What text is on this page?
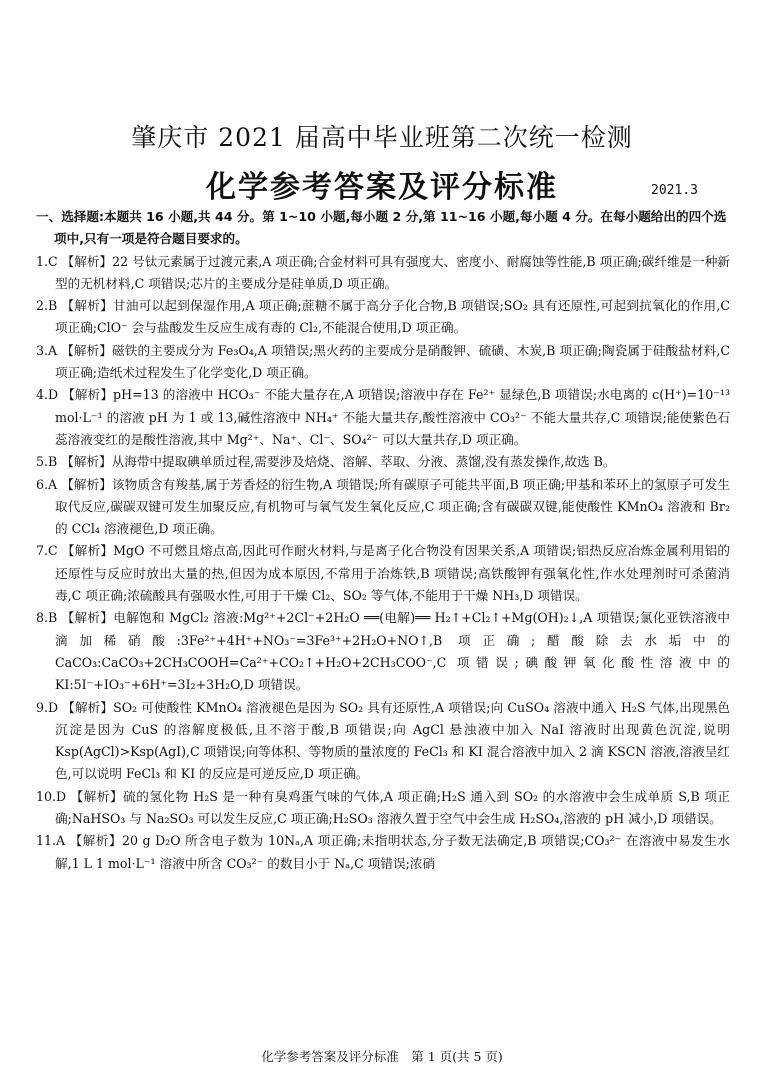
肇庆市 2021 届高中毕业班第二次统一检测
化学参考答案及评分标准	2021.3
一、选择题:本题共 16 小题,共 44 分。第 1~10 小题,每小题 2 分,第 11~16 小题,每小题 4 分。在每小题给出的四个选项中,只有一项是符合题目要求的。
1.C 【解析】22 号钛元素属于过渡元素,A 项正确;合金材料可具有强度大、密度小、耐腐蚀等性能,B 项正确;碳纤维是一种新型的无机材料,C 项错误;芯片的主要成分是硅单质,D 项正确。
2.B 【解析】甘油可以起到保湿作用,A 项正确;蔗糖不属于高分子化合物,B 项错误;SO₂ 具有还原性,可起到抗氧化的作用,C 项正确;ClO⁻ 会与盐酸发生反应生成有毒的 Cl₂,不能混合使用,D 项正确。
3.A 【解析】磁铁的主要成分为 Fe₃O₄,A 项错误;黑火药的主要成分是硝酸钾、硫磺、木炭,B 项正确;陶瓷属于硅酸盐材料,C 项正确;造纸术过程发生了化学变化,D 项正确。
4.D 【解析】pH=13 的溶液中 HCO₃⁻ 不能大量存在,A 项错误;溶液中存在 Fe²⁺ 显绿色,B 项错误;水电离的 c(H⁺)=10⁻¹³ mol·L⁻¹ 的溶液 pH 为 1 或 13,碱性溶液中 NH₄⁺ 不能大量共存,酸性溶液中 CO₃²⁻ 不能大量共存,C 项错误;能使紫色石蕊溶液变红的是酸性溶液,其中 Mg²⁺、Na⁺、Cl⁻、SO₄²⁻ 可以大量共存,D 项正确。
5.B 【解析】从海带中提取碘单质过程,需要涉及焙烧、溶解、萃取、分液、蒸馏,没有蒸发操作,故选 B。
6.A 【解析】该物质含有羧基,属于芳香烃的衍生物,A 项错误;所有碳原子可能共平面,B 项正确;甲基和苯环上的氢原子可发生取代反应,碳碳双键可发生加聚反应,有机物可与氧气发生氧化反应,C 项正确;含有碳碳双键,能使酸性 KMnO₄ 溶液和 Br₂ 的 CCl₄ 溶液褪色,D 项正确。
7.C 【解析】MgO 不可燃且熔点高,因此可作耐火材料,与是离子化合物没有因果关系,A 项错误;铝热反应冶炼金属利用铝的还原性与反应时放出大量的热,但因为成本原因,不常用于冶炼铁,B 项错误;高铁酸钾有强氧化性,作水处理剂时可杀菌消毒,C 项正确;浓硫酸具有强吸水性,可用于干燥 Cl₂、SO₂ 等气体,不能用于干燥 NH₃,D 项错误。
8.B 【解析】电解饱和 MgCl₂ 溶液:Mg²⁺+2Cl⁻+2H₂O ══(电解)══ H₂↑+Cl₂↑+Mg(OH)₂↓,A 项错误;氯化亚铁溶液中滴加稀硝酸:3Fe²⁺+4H⁺+NO₃⁻=3Fe³⁺+2H₂O+NO↑,B 项正确;醋酸除去水垢中的 CaCO₃:CaCO₃+2CH₃COOH=Ca²⁺+CO₂↑+H₂O+2CH₃COO⁻,C 项错误;碘酸钾氧化酸性溶液中的 KI:5I⁻+IO₃⁻+6H⁺=3I₂+3H₂O,D 项错误。
9.D 【解析】SO₂ 可使酸性 KMnO₄ 溶液褪色是因为 SO₂ 具有还原性,A 项错误;向 CuSO₄ 溶液中通入 H₂S 气体,出现黑色沉淀是因为 CuS 的溶解度极低,且不溶于酸,B 项错误;向 AgCl 悬浊液中加入 NaI 溶液时出现黄色沉淀,说明 Ksp(AgCl)>Ksp(AgI),C 项错误;向等体积、等物质的量浓度的 FeCl₃ 和 KI 混合溶液中加入 2 滴 KSCN 溶液,溶液呈红色,可以说明 FeCl₃ 和 KI 的反应是可逆反应,D 项正确。
10.D 【解析】硫的氢化物 H₂S 是一种有臭鸡蛋气味的气体,A 项正确;H₂S 通入到 SO₂ 的水溶液中会生成单质 S,B 项正确;NaHSO₃ 与 Na₂SO₃ 可以发生反应,C 项正确;H₂SO₃ 溶液久置于空气中会生成 H₂SO₄,溶液的 pH 减小,D 项错误。
11.A 【解析】20 g D₂O 所含电子数为 10Nₐ,A 项正确;未指明状态,分子数无法确定,B 项错误;CO₃²⁻ 在溶液中易发生水解,1 L 1 mol·L⁻¹ 溶液中所含 CO₃²⁻ 的数目小于 Nₐ,C 项错误;浓硝
化学参考答案及评分标准　第 1 页(共 5 页)
